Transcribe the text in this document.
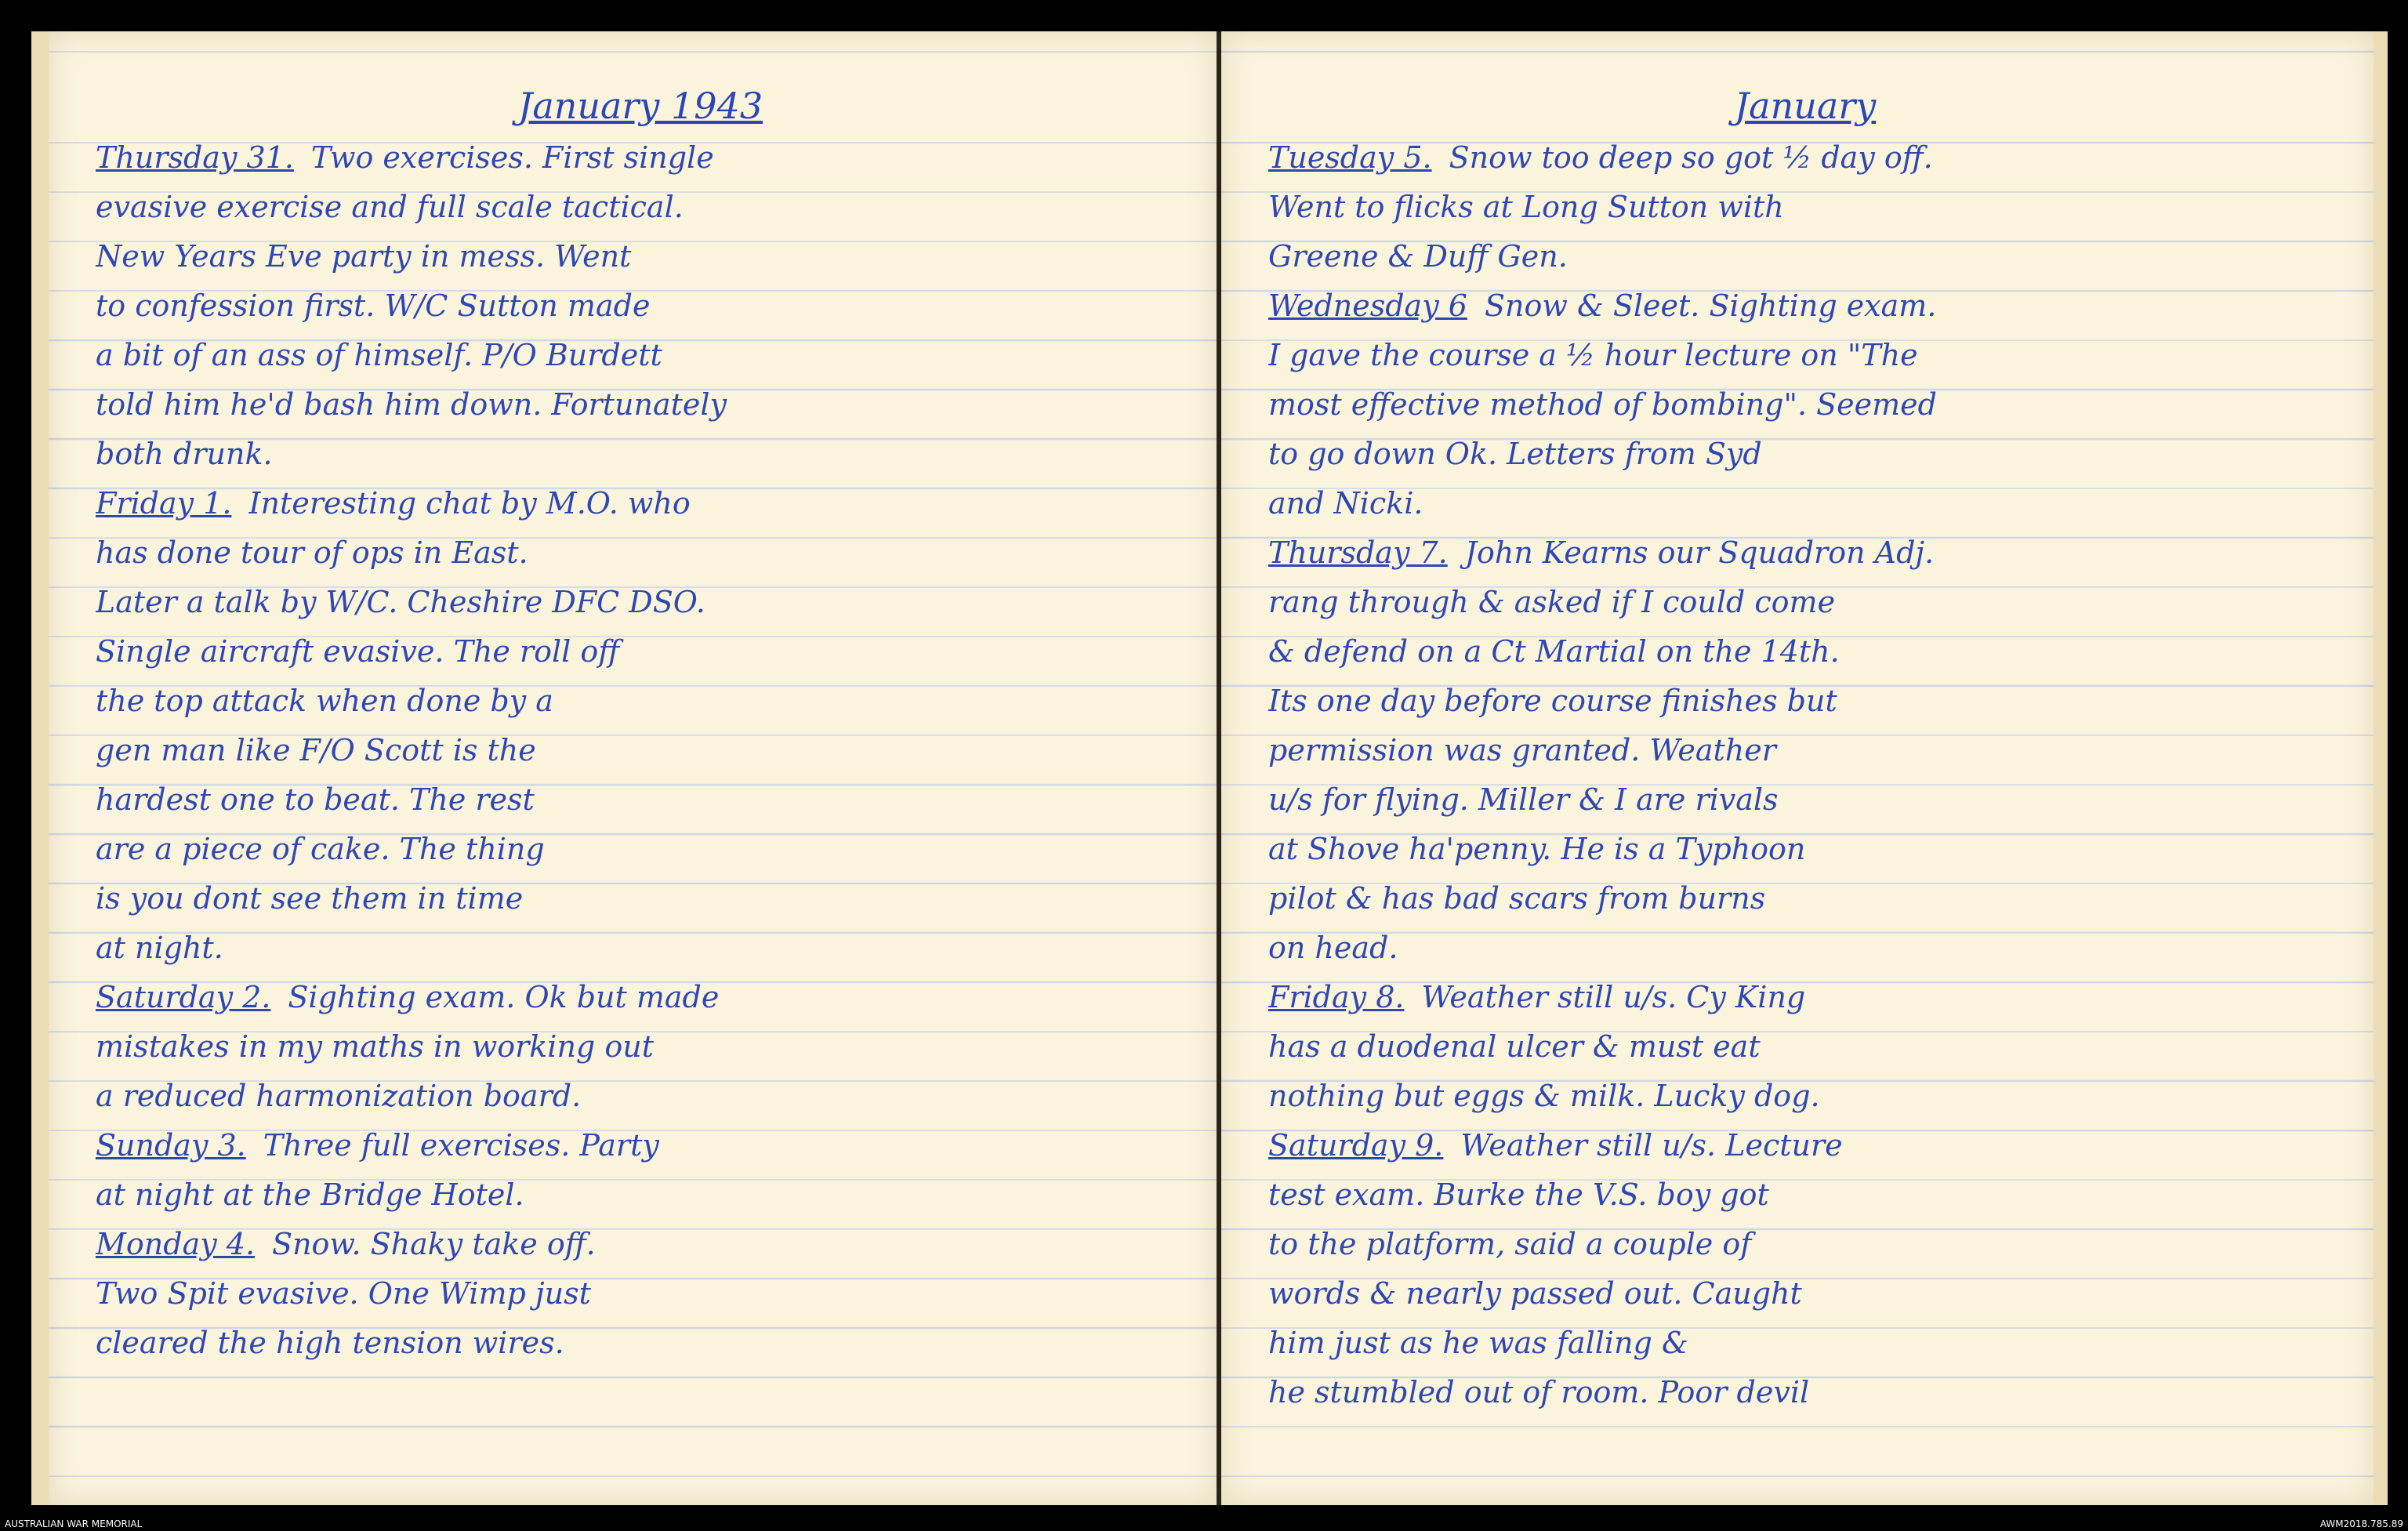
January 1943
Thursday 31. Two exercises. First single
evasive exercise and full scale tactical.
New Years Eve party in mess. Went
to confession first. W/C Sutton made
a bit of an ass of himself. P/O Burdett
told him he'd bash him down. Fortunately
both drunk.
Friday 1. Interesting chat by M.O. who
has done tour of ops in East.
Later a talk by W/C. Cheshire DFC DSO.
Single aircraft evasive. The roll off
the top attack when done by a
gen man like F/O Scott is the
hardest one to beat. The rest
are a piece of cake. The thing
is you dont see them in time
at night.
Saturday 2. Sighting exam. Ok but made
mistakes in my maths in working out
a reduced harmonization board.
Sunday 3. Three full exercises. Party
at night at the Bridge Hotel.
Monday 4. Snow. Shaky take off.
Two Spit evasive. One Wimp just
cleared the high tension wires.
January
Tuesday 5. Snow too deep so got ½ day off.
Went to flicks at Long Sutton with
Greene & Duff Gen.
Wednesday 6 Snow & Sleet. Sighting exam.
I gave the course a ½ hour lecture on "The
most effective method of bombing". Seemed
to go down Ok. Letters from Syd
and Nicki.
Thursday 7. John Kearns our Squadron Adj.
rang through & asked if I could come
& defend on a Ct Martial on the 14th.
Its one day before course finishes but
permission was granted. Weather
u/s for flying. Miller & I are rivals
at Shove ha'penny. He is a Typhoon
pilot & has bad scars from burns
on head.
Friday 8. Weather still u/s. Cy King
has a duodenal ulcer & must eat
nothing but eggs & milk. Lucky dog.
Saturday 9. Weather still u/s. Lecture
test exam. Burke the V.S. boy got
to the platform, said a couple of
words & nearly passed out. Caught
him just as he was falling &
he stumbled out of room. Poor devil
AUSTRALIAN WAR MEMORIAL	AWM2018.785.89
